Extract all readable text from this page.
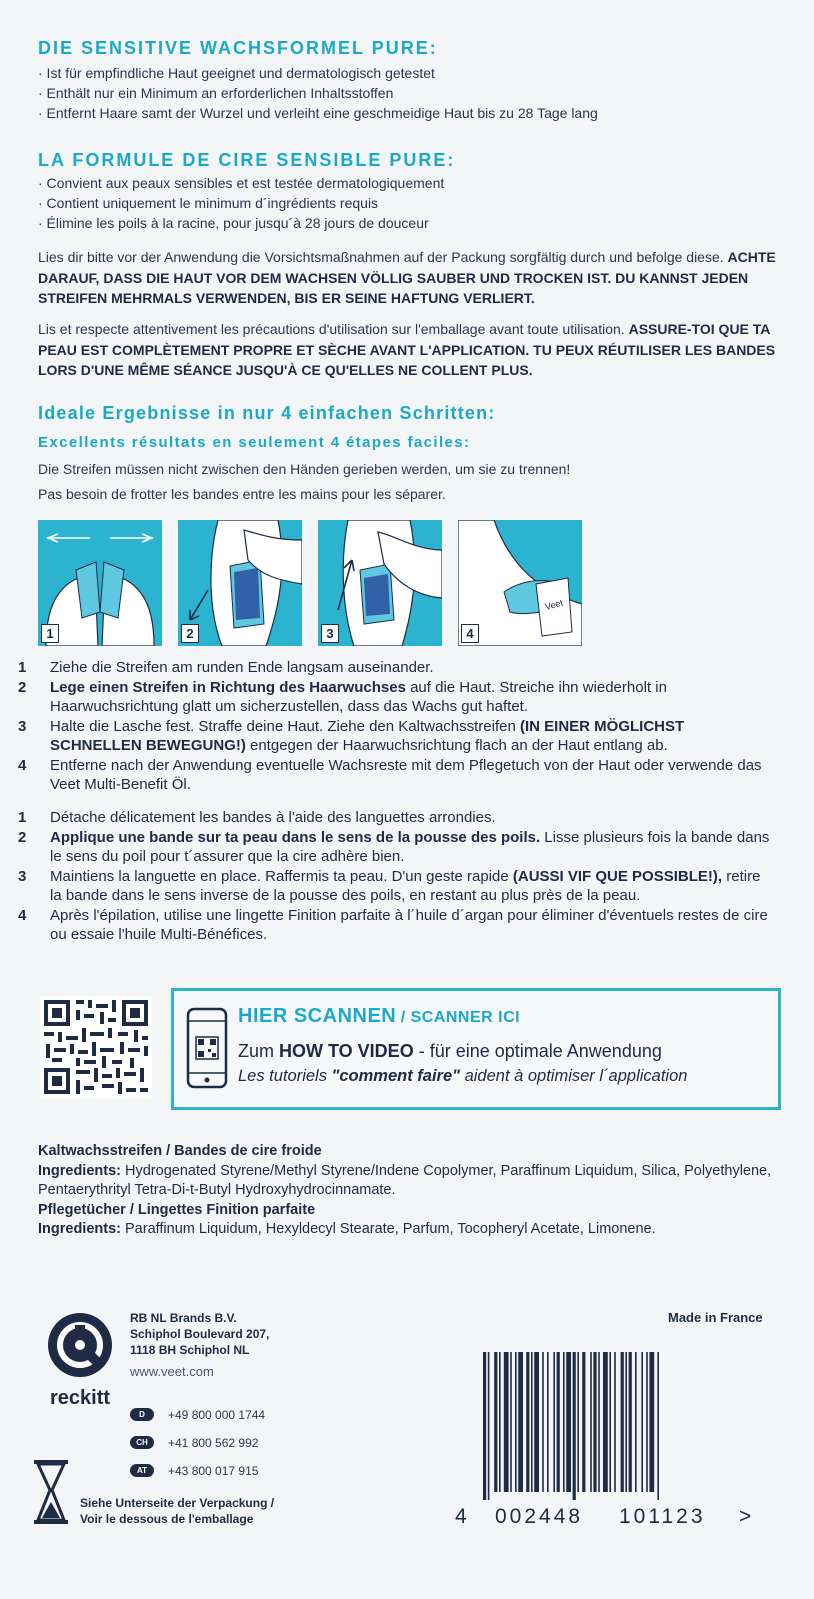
DIE SENSITIVE WACHSFORMEL PURE:
· Ist für empfindliche Haut geeignet und dermatologisch getestet
· Enthält nur ein Minimum an erforderlichen Inhaltsstoffen
· Entfernt Haare samt der Wurzel und verleiht eine geschmeidige Haut bis zu 28 Tage lang
LA FORMULE DE CIRE SENSIBLE PURE:
· Convient aux peaux sensibles et est testée dermatologiquement
· Contient uniquement le minimum d´ingrédients requis
· Élimine les poils à la racine, pour jusqu´à 28 jours de douceur
Lies dir bitte vor der Anwendung die Vorsichtsmaßnahmen auf der Packung sorgfältig durch und befolge diese. ACHTE DARAUF, DASS DIE HAUT VOR DEM WACHSEN VÖLLIG SAUBER UND TROCKEN IST. DU KANNST JEDEN STREIFEN MEHRMALS VERWENDEN, BIS ER SEINE HAFTUNG VERLIERT.
Lis et respecte attentivement les précautions d'utilisation sur l'emballage avant toute utilisation. ASSURE-TOI QUE TA PEAU EST COMPLÈTEMENT PROPRE ET SÈCHE AVANT L'APPLICATION. TU PEUX RÉUTILISER LES BANDES LORS D'UNE MÊME SÉANCE JUSQU'À CE QU'ELLES NE COLLENT PLUS.
Ideale Ergebnisse in nur 4 einfachen Schritten:
Excellents résultats en seulement 4 étapes faciles:
Die Streifen müssen nicht zwischen den Händen gerieben werden, um sie zu trennen!
Pas besoin de frotter les bandes entre les mains pour les séparer.
1	2	3
Veet
4
1 Ziehe die Streifen am runden Ende langsam auseinander.
2 Lege einen Streifen in Richtung des Haarwuchses auf die Haut. Streiche ihn wiederholt in Haarwuchsrichtung glatt um sicherzustellen, dass das Wachs gut haftet.
3 Halte die Lasche fest. Straffe deine Haut. Ziehe den Kaltwachsstreifen (IN EINER MÖGLICHST SCHNELLEN BEWEGUNG!) entgegen der Haarwuchsrichtung flach an der Haut entlang ab.
4 Entferne nach der Anwendung eventuelle Wachsreste mit dem Pflegetuch von der Haut oder verwende das Veet Multi-Benefit Öl.
1 Détache délicatement les bandes à l'aide des languettes arrondies.
2 Applique une bande sur ta peau dans le sens de la pousse des poils. Lisse plusieurs fois la bande dans le sens du poil pour t´assurer que la cire adhère bien.
3 Maintiens la languette en place. Raffermis ta peau. D'un geste rapide (AUSSI VIF QUE POSSIBLE!), retire la bande dans le sens inverse de la pousse des poils, en restant au plus près de la peau.
4 Après l'épilation, utilise une lingette Finition parfaite à l´huile d´argan pour éliminer d'éventuels restes de cire ou essaie l'huile Multi-Bénéfices.
HIER SCANNEN / SCANNER ICI
Zum HOW TO VIDEO - für eine optimale Anwendung
Les tutoriels "comment faire" aident à optimiser l´application
Kaltwachsstreifen / Bandes de cire froide
Ingredients: Hydrogenated Styrene/Methyl Styrene/Indene Copolymer, Paraffinum Liquidum, Silica, Polyethylene, Pentaerythrityl Tetra-Di-t-Butyl Hydroxyhydrocinnamate.
Pflegetücher / Lingettes Finition parfaite
Ingredients: Paraffinum Liquidum, Hexyldecyl Stearate, Parfum, Tocopheryl Acetate, Limonene.
reckitt
RB NL Brands B.V.
Schiphol Boulevard 207,
1118 BH Schiphol NL
www.veet.com
D +49 800 000 1744
CH +41 800 562 992
AT +43 800 017 915
Siehe Unterseite der Verpackung /
Voir le dessous de l'emballage
Made in France
4 002448 101123 >
